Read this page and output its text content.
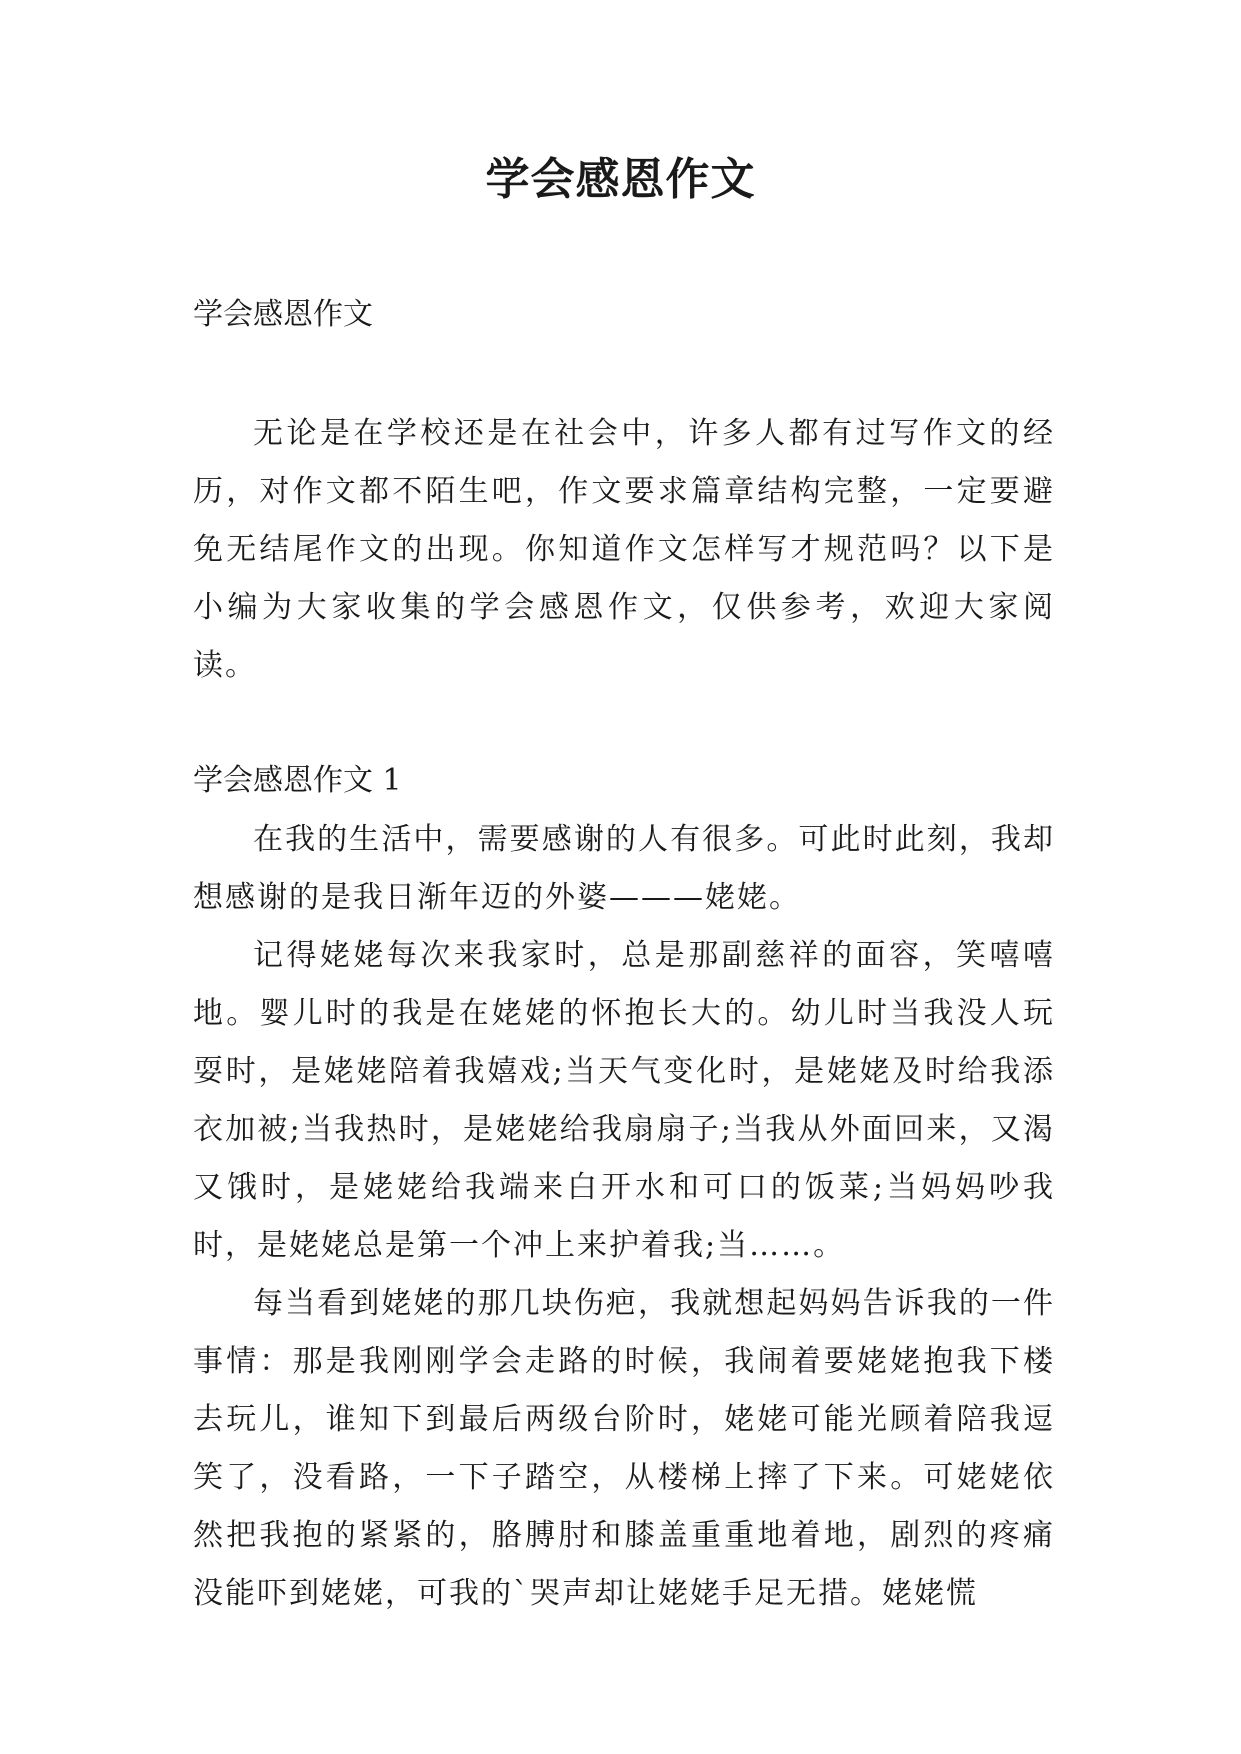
学会感恩作文

学会感恩作文

无论是在学校还是在社会中，许多人都有过写作文的经历，对作文都不陌生吧，作文要求篇章结构完整，一定要避免无结尾作文的出现。你知道作文怎样写才规范吗？以下是小编为大家收集的学会感恩作文，仅供参考，欢迎大家阅读。

学会感恩作文 1

在我的生活中，需要感谢的人有很多。可此时此刻，我却想感谢的是我日渐年迈的外婆———姥姥。

记得姥姥每次来我家时，总是那副慈祥的面容，笑嘻嘻地。婴儿时的我是在姥姥的怀抱长大的。幼儿时当我没人玩耍时，是姥姥陪着我嬉戏;当天气变化时，是姥姥及时给我添衣加被;当我热时，是姥姥给我扇扇子;当我从外面回来，又渴又饿时，是姥姥给我端来白开水和可口的饭菜;当妈妈吵我时，是姥姥总是第一个冲上来护着我;当……。

每当看到姥姥的那几块伤疤，我就想起妈妈告诉我的一件事情：那是我刚刚学会走路的时候，我闹着要姥姥抱我下楼去玩儿，谁知下到最后两级台阶时，姥姥可能光顾着陪我逗笑了，没看路，一下子踏空，从楼梯上摔了下来。可姥姥依然把我抱的紧紧的，胳膊肘和膝盖重重地着地，剧烈的疼痛没能吓到姥姥，可我的`哭声却让姥姥手足无措。姥姥慌
